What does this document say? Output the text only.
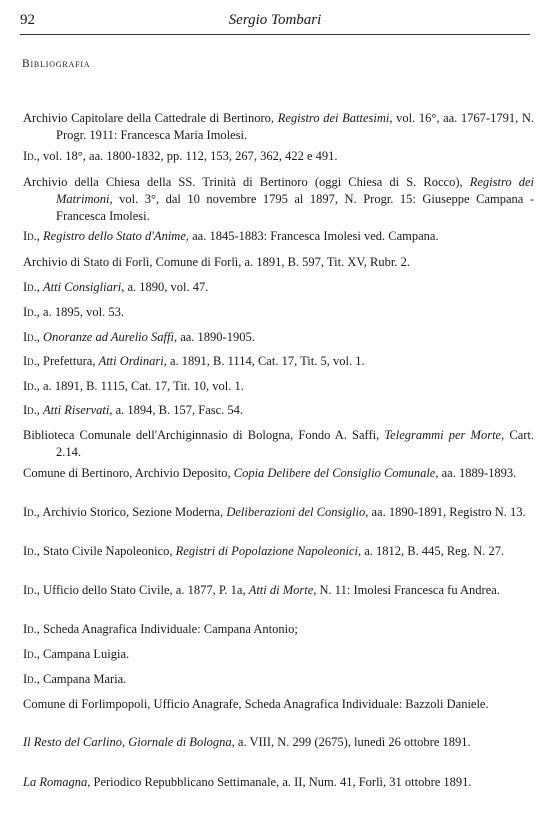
92	Sergio Tombari
Bibliografia
Archivio Capitolare della Cattedrale di Bertinoro, Registro dei Battesimi, vol. 16°, aa. 1767-1791, N. Progr. 1911: Francesca Maria Imolesi.
Id., vol. 18°, aa. 1800-1832, pp. 112, 153, 267, 362, 422 e 491.
Archivio della Chiesa della SS. Trinità di Bertinoro (oggi Chiesa di S. Rocco), Registro dei Matrimoni, vol. 3°, dal 10 novembre 1795 al 1897, N. Progr. 15: Giuseppe Campana - Francesca Imolesi.
Id., Registro dello Stato d'Anime, aa. 1845-1883: Francesca Imolesi ved. Campana.
Archivio di Stato di Forlì, Comune di Forlì, a. 1891, B. 597, Tit. XV, Rubr. 2.
Id., Atti Consigliari, a. 1890, vol. 47.
Id., a. 1895, vol. 53.
Id., Onoranze ad Aurelio Saffi, aa. 1890-1905.
Id., Prefettura, Atti Ordinari, a. 1891, B. 1114, Cat. 17, Tit. 5, vol. 1.
Id., a. 1891, B. 1115, Cat. 17, Tit. 10, vol. 1.
Id., Atti Riservati, a. 1894, B. 157, Fasc. 54.
Biblioteca Comunale dell'Archiginnasio di Bologna, Fondo A. Saffi, Telegrammi per Morte, Cart. 2.14.
Comune di Bertinoro, Archivio Deposito, Copia Delibere del Consiglio Comunale, aa. 1889-1893.
Id., Archivio Storico, Sezione Moderna, Deliberazioni del Consiglio, aa. 1890-1891, Registro N. 13.
Id., Stato Civile Napoleonico, Registri di Popolazione Napoleonici, a. 1812, B. 445, Reg. N. 27.
Id., Ufficio dello Stato Civile, a. 1877, P. 1a, Atti di Morte, N. 11: Imolesi Francesca fu Andrea.
Id., Scheda Anagrafica Individuale: Campana Antonio;
Id., Campana Luigia.
Id., Campana Maria.
Comune di Forlimpopoli, Ufficio Anagrafe, Scheda Anagrafica Individuale: Bazzoli Daniele.
Il Resto del Carlino, Giornale di Bologna, a. VIII, N. 299 (2675), lunedì 26 ottobre 1891.
La Romagna, Periodico Repubblicano Settimanale, a. II, Num. 41, Forlì, 31 ottobre 1891.
